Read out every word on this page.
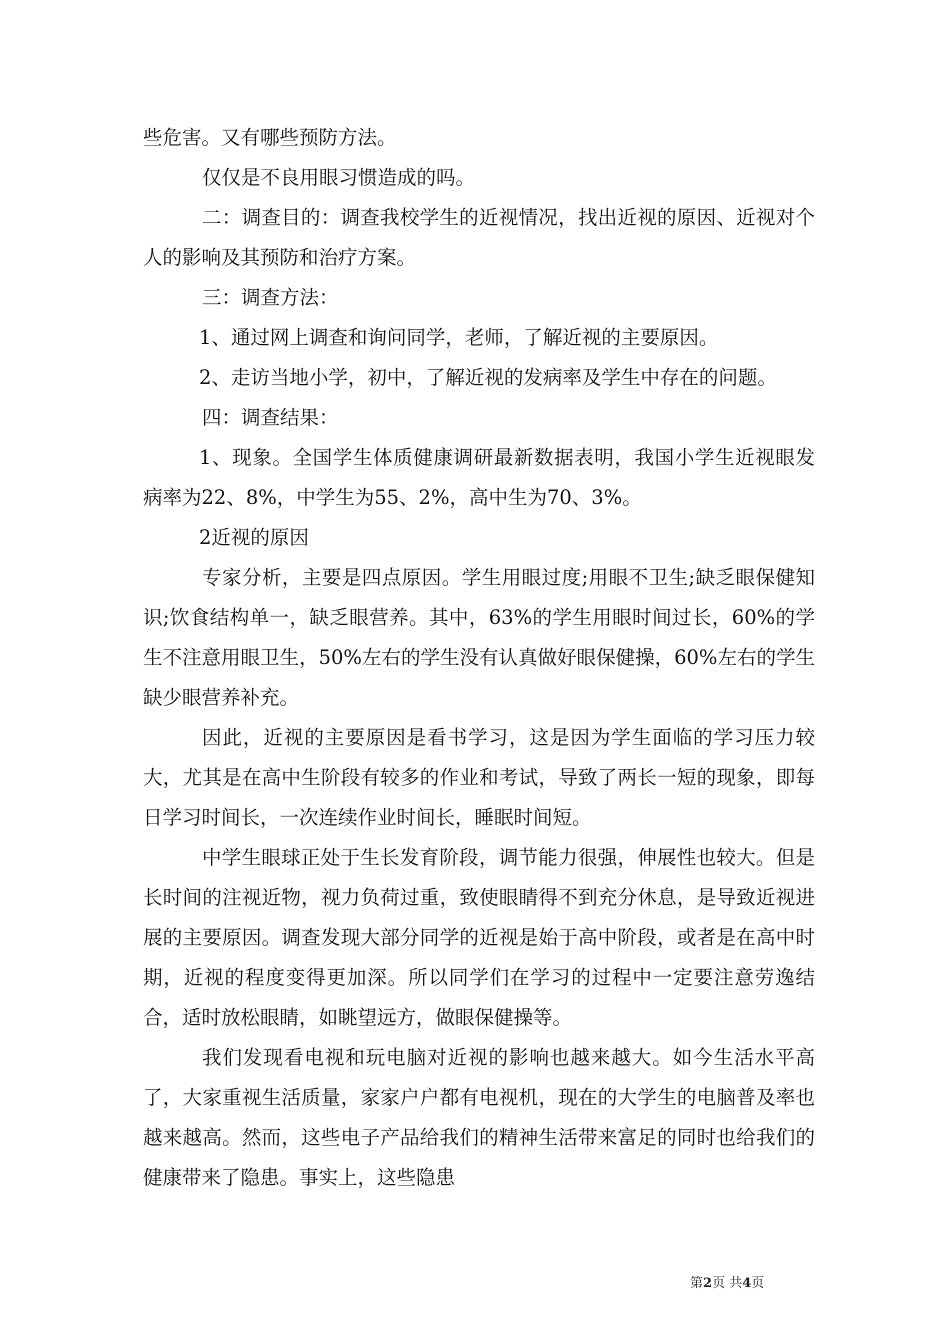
些危害。又有哪些预防方法。

仅仅是不良用眼习惯造成的吗。

二：调查目的：调查我校学生的近视情况，找出近视的原因、近视对个人的影响及其预防和治疗方案。

三：调查方法：

1、通过网上调查和询问同学，老师，了解近视的主要原因。

2、走访当地小学，初中，了解近视的发病率及学生中存在的问题。

四：调查结果：

1、现象。全国学生体质健康调研最新数据表明，我国小学生近视眼发病率为22、8%，中学生为55、2%，高中生为70、3%。

2近视的原因

专家分析，主要是四点原因。学生用眼过度;用眼不卫生;缺乏眼保健知识;饮食结构单一，缺乏眼营养。其中，63%的学生用眼时间过长，60%的学生不注意用眼卫生，50%左右的学生没有认真做好眼保健操，60%左右的学生缺少眼营养补充。

因此，近视的主要原因是看书学习，这是因为学生面临的学习压力较大，尤其是在高中生阶段有较多的作业和考试，导致了两长一短的现象，即每日学习时间长，一次连续作业时间长，睡眠时间短。

中学生眼球正处于生长发育阶段，调节能力很强，伸展性也较大。但是长时间的注视近物，视力负荷过重，致使眼睛得不到充分休息，是导致近视进展的主要原因。调查发现大部分同学的近视是始于高中阶段，或者是在高中时期，近视的程度变得更加深。所以同学们在学习的过程中一定要注意劳逸结合，适时放松眼睛，如眺望远方，做眼保健操等。

我们发现看电视和玩电脑对近视的影响也越来越大。如今生活水平高了，大家重视生活质量，家家户户都有电视机，现在的大学生的电脑普及率也越来越高。然而，这些电子产品给我们的精神生活带来富足的同时也给我们的健康带来了隐患。事实上，这些隐患

第2页 共4页
